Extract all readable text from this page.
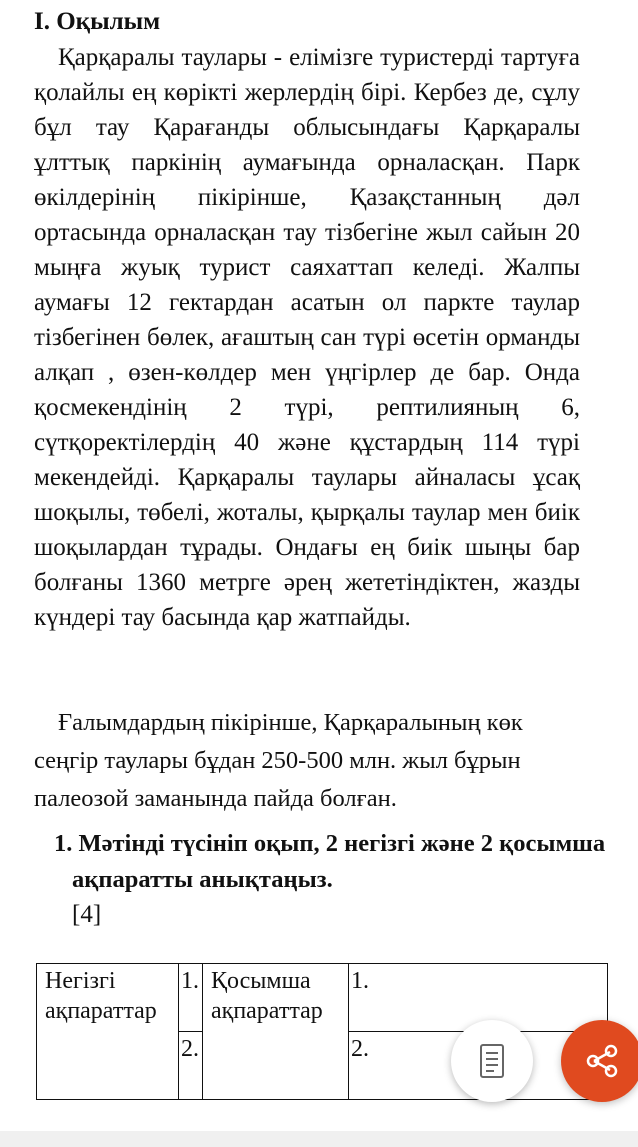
I. Оқылым

Қарқаралы таулары - елімізге туристерді тартуға қолайлы ең көрікті жерлердің бірі. Кербез де, сұлу бұл тау Қарағанды облысындағы Қарқаралы ұлттық паркінің аумағында орналасқан. Парк өкілдерінің пікірінше, Қазақстанның дәл ортасында орналасқан тау тізбегіне жыл сайын 20 мыңға жуық турист саяхаттап келеді. Жалпы аумағы 12 гектардан асатын ол паркте таулар тізбегінен бөлек, ағаштың сан түрі өсетін орманды алқап , өзен-көлдер мен үңгірлер де бар. Онда қосмекендінің 2 түрі, рептилияның 6, сүтқоректілердің 40 және құстардың 114 түрі мекендейді. Қарқаралы таулары айналасы ұсақ шоқылы, төбелі, жоталы, қырқалы таулар мен биік шоқылардан тұрады. Ондағы ең биік шыңы бар болғаны 1360 метрге әрең жететіндіктен, жазды күндері тау басында қар жатпайды.

Ғалымдардың пікірінше, Қарқаралының көк сеңгір таулары бұдан 250-500 млн. жыл бұрын палеозой заманында пайда болған.

1. Мәтінді түсініп оқып, 2 негізгі және 2 қосымша ақпаратты анықтаңыз.

[4]

Негізгі ақпараттар	1.	Қосымша ақпараттар	1.
	2.		2.
